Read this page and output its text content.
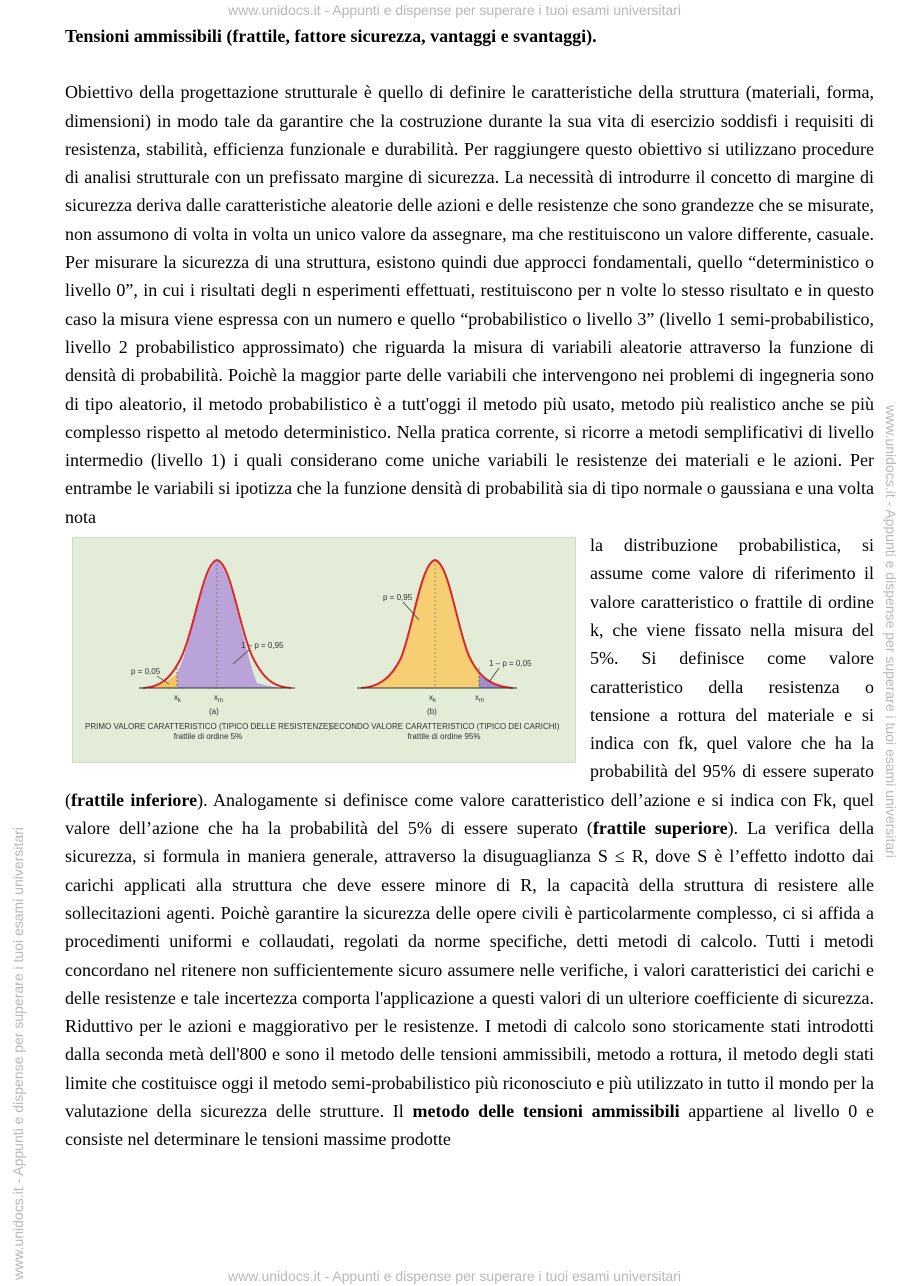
www.unidocs.it - Appunti e dispense per superare i tuoi esami universitari
www.unidocs.it - Appunti e dispense per superare i tuoi esami universitari
www.unidocs.it - Appunti e dispense per superare i tuoi esami universitari
www.unidocs.it - Appunti e dispense per superare i tuoi esami universitari

Tensioni ammissibili (frattile, fattore sicurezza, vantaggi e svantaggi).

Obiettivo della progettazione strutturale è quello di definire le caratteristiche della struttura (materiali, forma, dimensioni) in modo tale da garantire che la costruzione durante la sua vita di esercizio soddisfi i requisiti di resistenza, stabilità, efficienza funzionale e durabilità. Per raggiungere questo obiettivo si utilizzano procedure di analisi strutturale con un prefissato margine di sicurezza. La necessità di introdurre il concetto di margine di sicurezza deriva dalle caratteristiche aleatorie delle azioni e delle resistenze che sono grandezze che se misurate, non assumono di volta in volta un unico valore da assegnare, ma che restituiscono un valore differente, casuale. Per misurare la sicurezza di una struttura, esistono quindi due approcci fondamentali, quello “deterministico o livello 0”, in cui i risultati degli n esperimenti effettuati, restituiscono per n volte lo stesso risultato e in questo caso la misura viene espressa con un numero e quello “probabilistico o livello 3” (livello 1 semi-probabilistico, livello 2 probabilistico approssimato) che riguarda la misura di variabili aleatorie attraverso la funzione di densità di probabilità. Poichè la maggior parte delle variabili che intervengono nei problemi di ingegneria sono di tipo aleatorio, il metodo probabilistico è a tutt'oggi il metodo più usato, metodo più realistico anche se più complesso rispetto al metodo deterministico. Nella pratica corrente, si ricorre a metodi semplificativi di livello intermedio (livello 1) i quali considerano come uniche variabili le resistenze dei materiali e le azioni. Per entrambe le variabili si ipotizza che la funzione densità di probabilità sia di tipo normale o gaussiana e una volta nota

p = 0,05
1 – p = 0,95
$x_k$	$x_m$
(a)
p = 0,95
1 – p = 0,05
$x_k$	$x_m$
(b)
PRIMO VALORE CARATTERISTICO (TIPICO DELLE RESISTENZE)
frattile di ordine 5%
SECONDO VALORE CARATTERISTICO (TIPICO DEI CARICHI)
frattile di ordine 95%

la distribuzione probabilistica, si assume come valore di riferimento il valore caratteristico o frattile di ordine k, che viene fissato nella misura del 5%. Si definisce come valore caratteristico della resistenza o tensione a rottura del materiale e si indica con fk, quel valore che ha la probabilità del 95% di essere superato (frattile inferiore). Analogamente si definisce come valore caratteristico dell’azione e si indica con Fk, quel valore dell’azione che ha la probabilità del 5% di essere superato (frattile superiore). La verifica della sicurezza, si formula in maniera generale, attraverso la disuguaglianza S ≤ R, dove S è l’effetto indotto dai carichi applicati alla struttura che deve essere minore di R, la capacità della struttura di resistere alle sollecitazioni agenti. Poichè garantire la sicurezza delle opere civili è particolarmente complesso, ci si affida a procedimenti uniformi e collaudati, regolati da norme specifiche, detti metodi di calcolo. Tutti i metodi concordano nel ritenere non sufficientemente sicuro assumere nelle verifiche, i valori caratteristici dei carichi e delle resistenze e tale incertezza comporta l'applicazione a questi valori di un ulteriore coefficiente di sicurezza. Riduttivo per le azioni e maggiorativo per le resistenze. I metodi di calcolo sono storicamente stati introdotti dalla seconda metà dell'800 e sono il metodo delle tensioni ammissibili, metodo a rottura, il metodo degli stati limite che costituisce oggi il metodo semi-probabilistico più riconosciuto e più utilizzato in tutto il mondo per la valutazione della sicurezza delle strutture. Il metodo delle tensioni ammissibili appartiene al livello 0 e consiste nel determinare le tensioni massime prodotte
